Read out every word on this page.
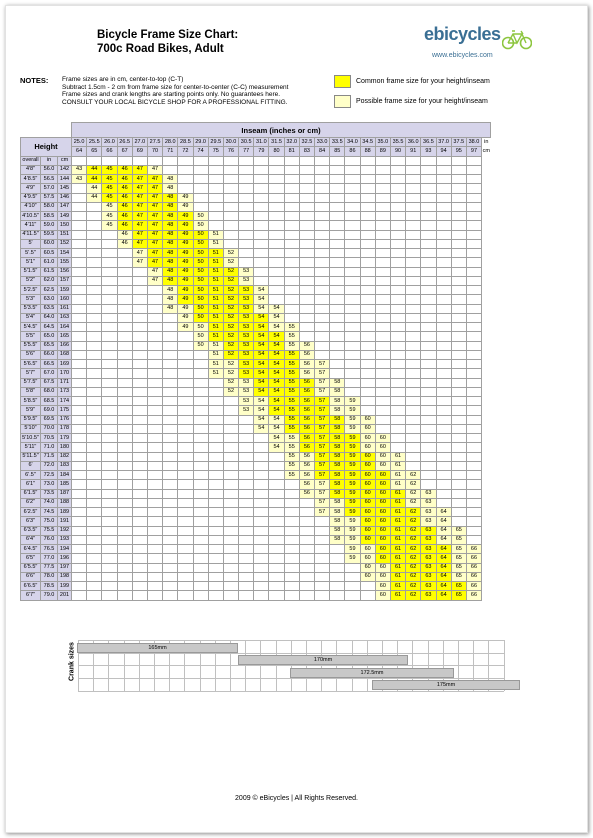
Bicycle Frame Size Chart:
700c Road Bikes, Adult
ebicycles
www.ebicycles.com
NOTES: Frame sizes are in cm, center-to-top (C-T)
Subtract 1.5cm - 2 cm from frame size for center-to-center (C-C) measurement
Frame sizes and crank lengths are starting points only. No guarantees here.
CONSULT YOUR LOCAL BICYCLE SHOP FOR A PROFESSIONAL FITTING.
Common frame size for your height/inseam
Possible frame size for your height/inseam
			Inseam (inches or cm)																											
Height			25.0	25.5	26.0	26.5	27.0	27.5	28.0	28.5	29.0	29.5	30.0	30.5	31.0	31.5	32.0	32.5	33.0	33.5	34.0	34.5	35.0	35.5	36.0	36.5	37.0	37.5	38.0	in
			64	65	66	67	69	70	71	72	74	75	76	77	79	80	81	83	84	85	86	88	89	90	91	93	94	95	97	cm
overall	in	cm																												
4'8"	56.0	142	43	44	45	46	47	47																						
4'8.5"	56.5	144	43	44	45	46	47	47	48																					
4'9"	57.0	145		44	45	46	47	47	48																					
4'9.5"	57.5	146		44	45	46	47	47	48	49																				
4'10"	58.0	147			45	46	47	47	48	49																				
4'10.5"	58.5	149			45	46	47	47	48	49	50																			
4'11"	59.0	150			45	46	47	47	48	49	50																			
4'11.5"	59.5	151				46	47	47	48	49	50	51																		
5'	60.0	152				46	47	47	48	49	50	51																		
5'.5"	60.5	154					47	47	48	49	50	51	52																	
5'1"	61.0	155					47	47	48	49	50	51	52																	
5'1.5"	61.5	156						47	48	49	50	51	52	53																
5'2"	62.0	157						47	48	49	50	51	52	53																
5'2.5"	62.5	159							48	49	50	51	52	53	54															
5'3"	63.0	160							48	49	50	51	52	53	54															
5'3.5"	63.5	161							48	49	50	51	52	53	54	54														
5'4"	64.0	163								49	50	51	52	53	54	54														
5'4.5"	64.5	164								49	50	51	52	53	54	54	55													
5'5"	65.0	165									50	51	52	53	54	54	55													
5'5.5"	65.5	166									50	51	52	53	54	54	55	56												
5'6"	66.0	168										51	52	53	54	54	55	56												
5'6.5"	66.5	169										51	52	53	54	54	55	56	57											
5'7"	67.0	170										51	52	53	54	54	55	56	57											
5'7.5"	67.5	171											52	53	54	54	55	56	57	58										
5'8"	68.0	173											52	53	54	54	55	56	57	58										
5'8.5"	68.5	174												53	54	54	55	56	57	58	59									
5'9"	69.0	175												53	54	54	55	56	57	58	59									
5'9.5"	69.5	176													54	54	55	56	57	58	59	60								
5'10"	70.0	178													54	54	55	56	57	58	59	60								
5'10.5"	70.5	179														54	55	56	57	58	59	60	60							
5'11"	71.0	180														54	55	56	57	58	59	60	60							
5'11.5"	71.5	182															55	56	57	58	59	60	60	61						
6'	72.0	183															55	56	57	58	59	60	60	61						
6'.5"	72.5	184															55	56	57	58	59	60	60	61	62					
6'1"	73.0	185																56	57	58	59	60	60	61	62					
6'1.5"	73.5	187																56	57	58	59	60	60	61	62	63				
6'2"	74.0	188																	57	58	59	60	60	61	62	63				
6'2.5"	74.5	189																	57	58	59	60	60	61	62	63	64			
6'3"	75.0	191																		58	59	60	60	61	62	63	64			
6'3.5"	75.5	192																		58	59	60	60	61	62	63	64	65		
6'4"	76.0	193																		58	59	60	60	61	62	63	64	65		
6'4.5"	76.5	194																			59	60	60	61	62	63	64	65	66	
6'5"	77.0	196																			59	60	60	61	62	63	64	65	66	
6'5.5"	77.5	197																				60	60	61	62	63	64	65	66	
6'6"	78.0	198																				60	60	61	62	63	64	65	66	
6'6.5"	78.5	199																					60	61	62	63	64	65	66	
6'7"	79.0	201																					60	61	62	63	64	65	66	
Crank sizes	165mm
170mm
172.5mm
175mm
2009 © eBicycles | All Rights Reserved.
